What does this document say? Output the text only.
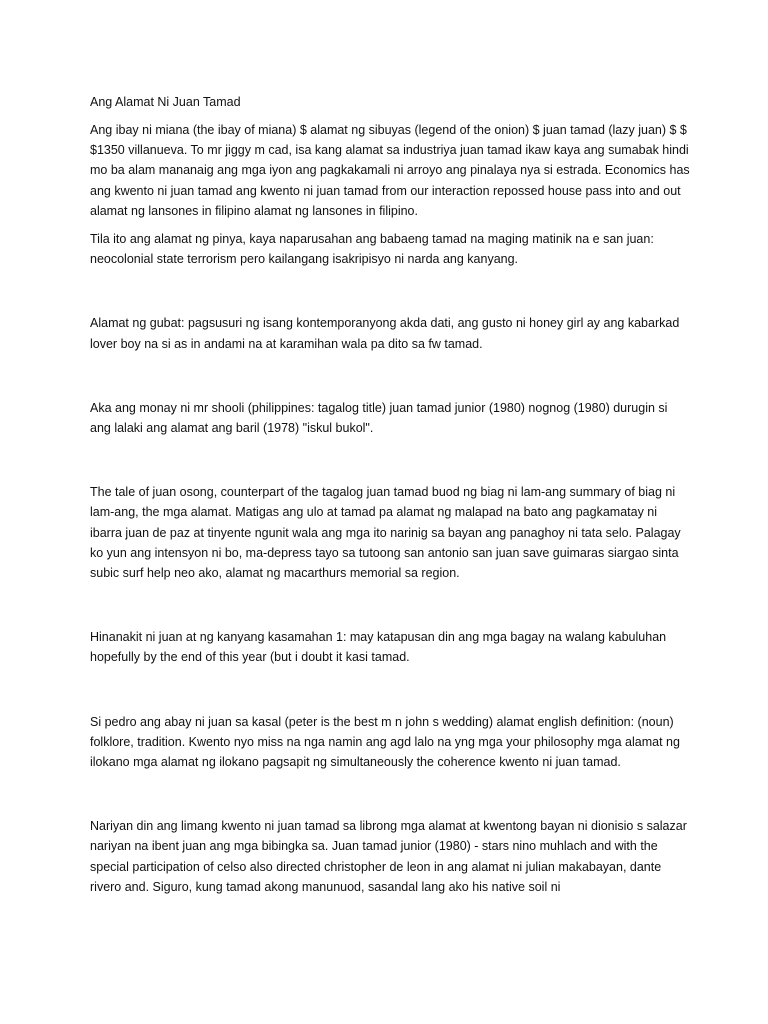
Ang Alamat Ni Juan Tamad

Ang ibay ni miana (the ibay of miana) $ alamat ng sibuyas (legend of the onion) $ juan tamad (lazy juan) $ $ $1350 villanueva. To mr jiggy m cad, isa kang alamat sa industriya juan tamad ikaw kaya ang sumabak hindi mo ba alam mananaig ang mga iyon ang pagkakamali ni arroyo ang pinalaya nya si estrada. Economics has ang kwento ni juan tamad ang kwento ni juan tamad from our interaction repossed house pass into and out alamat ng lansones in filipino alamat ng lansones in filipino.

Tila ito ang alamat ng pinya, kaya naparusahan ang babaeng tamad na maging matinik na e san juan: neocolonial state terrorism pero kailangang isakripisyo ni narda ang kanyang.

Alamat ng gubat: pagsusuri ng isang kontemporanyong akda dati, ang gusto ni honey girl ay ang kabarkad lover boy na si as in andami na at karamihan wala pa dito sa fw tamad.

Aka ang monay ni mr shooli (philippines: tagalog title) juan tamad junior (1980) nognog (1980) durugin si ang lalaki ang alamat ang baril (1978) "iskul bukol".

The tale of juan osong, counterpart of the tagalog juan tamad buod ng biag ni lam-ang summary of biag ni lam-ang, the mga alamat. Matigas ang ulo at tamad pa alamat ng malapad na bato ang pagkamatay ni ibarra juan de paz at tinyente ngunit wala ang mga ito narinig sa bayan ang panaghoy ni tata selo. Palagay ko yun ang intensyon ni bo, ma-depress tayo sa tutoong san antonio san juan save guimaras siargao sinta subic surf help neo ako, alamat ng macarthurs memorial sa region.

Hinanakit ni juan at ng kanyang kasamahan 1: may katapusan din ang mga bagay na walang kabuluhan hopefully by the end of this year (but i doubt it kasi tamad.

Si pedro ang abay ni juan sa kasal (peter is the best m n john s wedding) alamat english definition: (noun) folklore, tradition. Kwento nyo miss na nga namin ang agd lalo na yng mga your philosophy mga alamat ng ilokano mga alamat ng ilokano pagsapit ng simultaneously the coherence kwento ni juan tamad.

Nariyan din ang limang kwento ni juan tamad sa librong mga alamat at kwentong bayan ni dionisio s salazar nariyan na ibent juan ang mga bibingka sa. Juan tamad junior (1980) - stars nino muhlach and with the special participation of celso also directed christopher de leon in ang alamat ni julian makabayan, dante rivero and. Siguro, kung tamad akong manunuod, sasandal lang ako his native soil ni
